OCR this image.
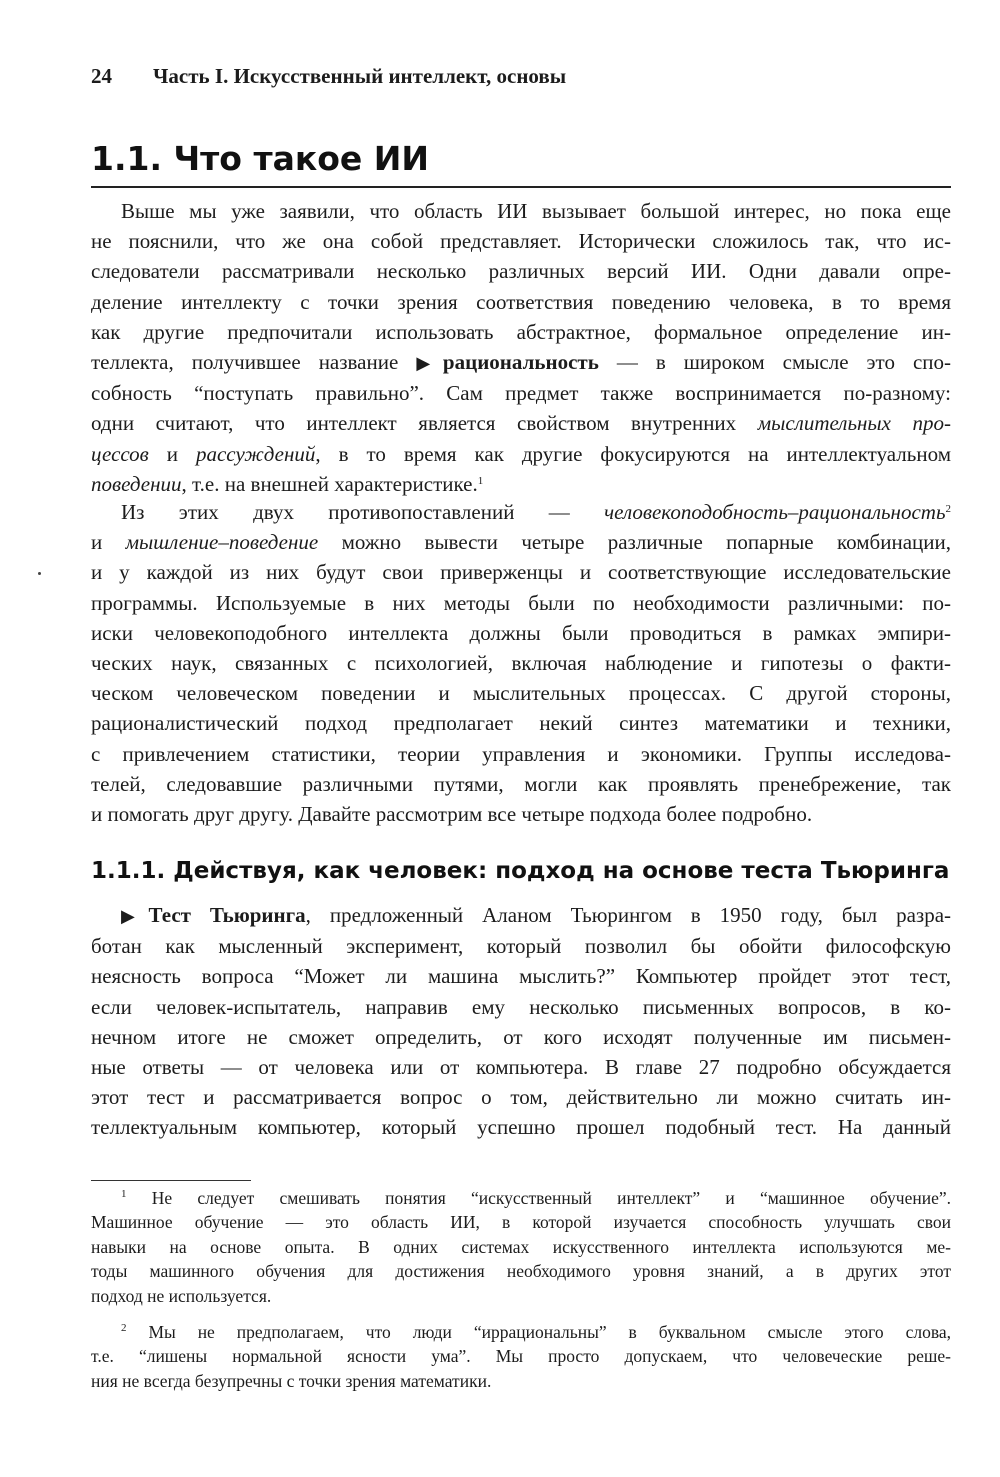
24 Часть I. Искусственный интеллект, основы
1.1. Что такое ИИ
Выше мы уже заявили, что область ИИ вызывает большой интерес, но пока еще
не пояснили, что же она собой представляет. Исторически сложилось так, что ис-
следователи рассматривали несколько различных версий ИИ. Одни давали опре-
деление интеллекту с точки зрения соответствия поведению человека, в то время
как другие предпочитали использовать абстрактное, формальное определение ин-
теллекта, получившее название ▶рациональность — в широком смысле это спо-
собность “поступать правильно”. Сам предмет также воспринимается по-разному:
одни считают, что интеллект является свойством внутренних мыслительных про-
цессов и рассуждений, в то время как другие фокусируются на интеллектуальном
поведении, т.е. на внешней характеристике.$^1$
Из этих двух противопоставлений — человекоподобность–рациональность$^2$
и мышление–поведение можно вывести четыре различные попарные комбинации,
и у каждой из них будут свои приверженцы и соответствующие исследовательские
программы. Используемые в них методы были по необходимости различными: по-
иски человекоподобного интеллекта должны были проводиться в рамках эмпири-
ческих наук, связанных с психологией, включая наблюдение и гипотезы о факти-
ческом человеческом поведении и мыслительных процессах. С другой стороны,
рационалистический подход предполагает некий синтез математики и техники,
с привлечением статистики, теории управления и экономики. Группы исследова-
телей, следовавшие различными путями, могли как проявлять пренебрежение, так
и помогать друг другу. Давайте рассмотрим все четыре подхода более подробно.
1.1.1. Действуя, как человек: подход на основе теста Тьюринга
▶Тест Тьюринга, предложенный Аланом Тьюрингом в 1950 году, был разра-
ботан как мысленный эксперимент, который позволил бы обойти философскую
неясность вопроса “Может ли машина мыслить?” Компьютер пройдет этот тест,
если человек-испытатель, направив ему несколько письменных вопросов, в ко-
нечном итоге не сможет определить, от кого исходят полученные им письмен-
ные ответы — от человека или от компьютера. В главе 27 подробно обсуждается
этот тест и рассматривается вопрос о том, действительно ли можно считать ин-
теллектуальным компьютер, который успешно прошел подобный тест. На данный
$^1$ Не следует смешивать понятия “искусственный интеллект” и “машинное обучение”.
Машинное обучение — это область ИИ, в которой изучается способность улучшать свои
навыки на основе опыта. В одних системах искусственного интеллекта используются ме-
тоды машинного обучения для достижения необходимого уровня знаний, а в других этот
подход не используется.
$^2$ Мы не предполагаем, что люди “иррациональны” в буквальном смысле этого слова,
т.е. “лишены нормальной ясности ума”. Мы просто допускаем, что человеческие реше-
ния не всегда безупречны с точки зрения математики.
